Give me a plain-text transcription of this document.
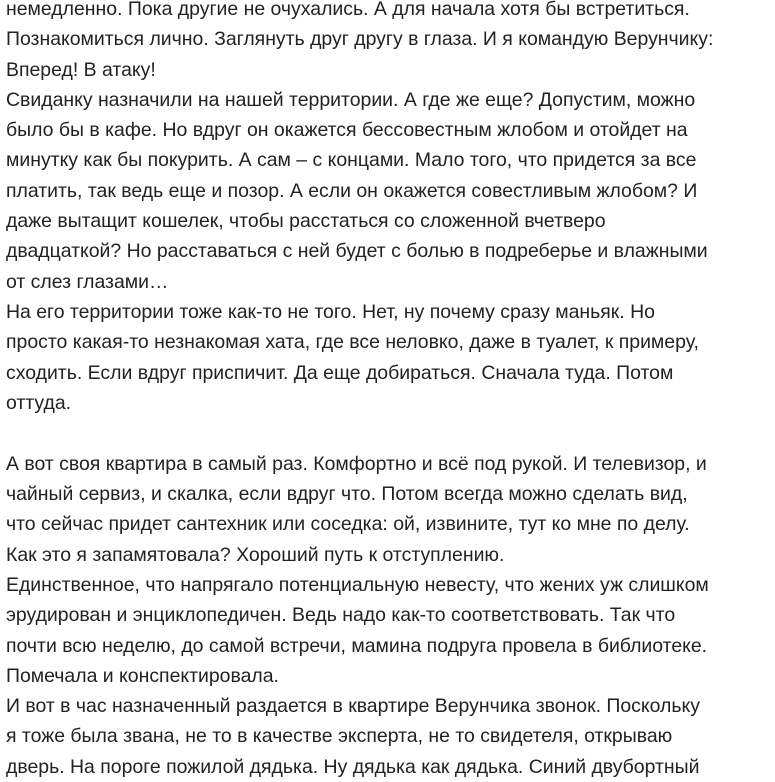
немедленно. Пока другие не очухались. А для начала хотя бы встретиться.
Познакомиться лично. Заглянуть друг другу в глаза. И я командую Верунчику:
Вперед! В атаку!

Свиданку назначили на нашей территории. А где же еще? Допустим, можно
было бы в кафе. Но вдруг он окажется бессовестным жлобом и отойдет на
минутку как бы покурить. А сам – с концами. Мало того, что придется за все
платить, так ведь еще и позор. А если он окажется совестливым жлобом? И
даже вытащит кошелек, чтобы расстаться со сложенной вчетверо
двадцаткой? Но расставаться с ней будет с болью в подреберье и влажными
от слез глазами…

На его территории тоже как-то не того. Нет, ну почему сразу маньяк. Но
просто какая-то незнакомая хата, где все неловко, даже в туалет, к примеру,
сходить. Если вдруг приспичит. Да еще добираться. Сначала туда. Потом
оттуда.

А вот своя квартира в самый раз. Комфортно и всё под рукой. И телевизор, и
чайный сервиз, и скалка, если вдруг что. Потом всегда можно сделать вид,
что сейчас придет сантехник или соседка: ой, извините, тут ко мне по делу.
Как это я запамятовала? Хороший путь к отступлению.

Единственное, что напрягало потенциальную невесту, что жених уж слишком
эрудирован и энциклопедичен. Ведь надо как-то соответствовать. Так что
почти всю неделю, до самой встречи, мамина подруга провела в библиотеке.
Помечала и конспектировала.

И вот в час назначенный раздается в квартире Верунчика звонок. Поскольку
я тоже была звана, не то в качестве эксперта, не то свидетеля, открываю
дверь. На пороге пожилой дядька. Ну дядька как дядька. Синий двубортный
